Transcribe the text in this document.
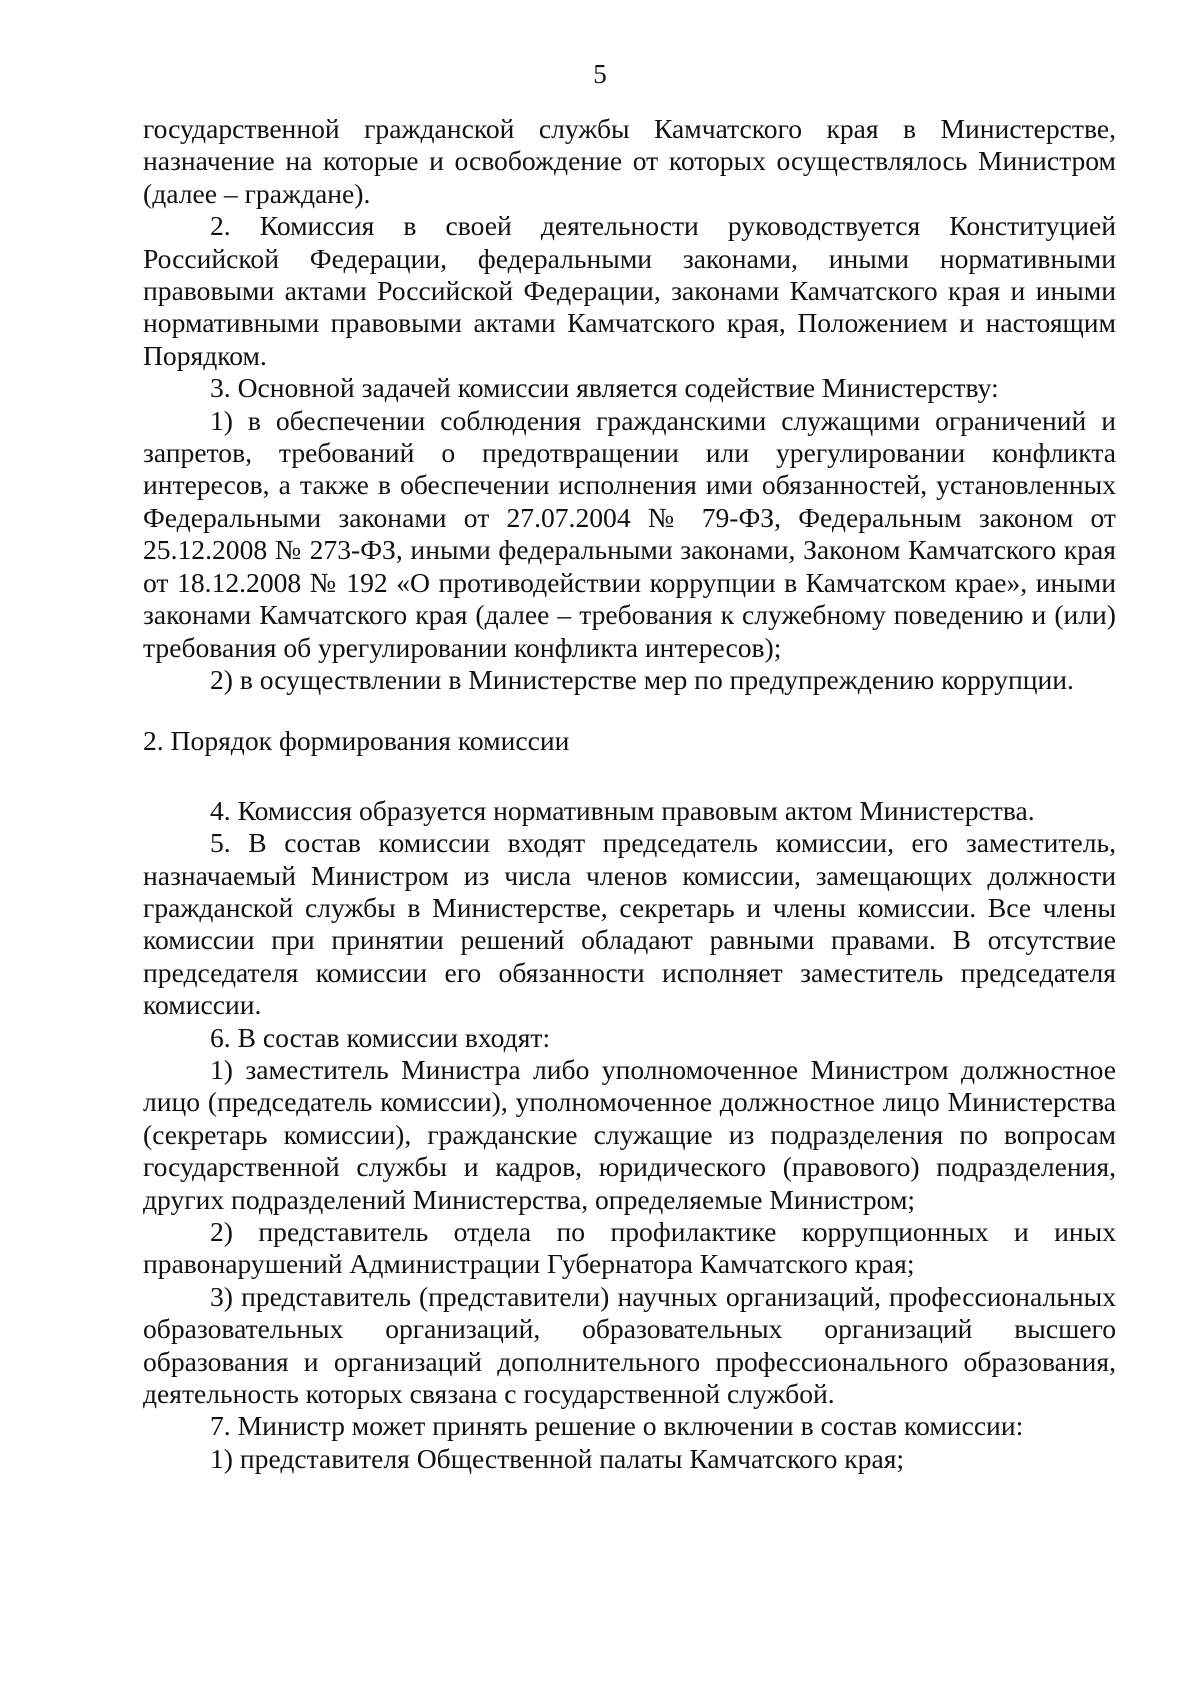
5

государственной гражданской службы Камчатского края в Министерстве, назначение на которые и освобождение от которых осуществлялось Министром (далее – граждане).

2. Комиссия в своей деятельности руководствуется Конституцией Российской Федерации, федеральными законами, иными нормативными правовыми актами Российской Федерации, законами Камчатского края и иными нормативными правовыми актами Камчатского края, Положением и настоящим Порядком.

3. Основной задачей комиссии является содействие Министерству:

1) в обеспечении соблюдения гражданскими служащими ограничений и запретов, требований о предотвращении или урегулировании конфликта интересов, а также в обеспечении исполнения ими обязанностей, установленных Федеральными законами от 27.07.2004 № 79-ФЗ, Федеральным законом от 25.12.2008 № 273-ФЗ, иными федеральными законами, Законом Камчатского края от 18.12.2008 № 192 «О противодействии коррупции в Камчатском крае», иными законами Камчатского края (далее – требования к служебному поведению и (или) требования об урегулировании конфликта интересов);

2) в осуществлении в Министерстве мер по предупреждению коррупции.

2. Порядок формирования комиссии

4. Комиссия образуется нормативным правовым актом Министерства.

5. В состав комиссии входят председатель комиссии, его заместитель, назначаемый Министром из числа членов комиссии, замещающих должности гражданской службы в Министерстве, секретарь и члены комиссии. Все члены комиссии при принятии решений обладают равными правами. В отсутствие председателя комиссии его обязанности исполняет заместитель председателя комиссии.

6. В состав комиссии входят:

1) заместитель Министра либо уполномоченное Министром должностное лицо (председатель комиссии), уполномоченное должностное лицо Министерства (секретарь комиссии), гражданские служащие из подразделения по вопросам государственной службы и кадров, юридического (правового) подразделения, других подразделений Министерства, определяемые Министром;

2) представитель отдела по профилактике коррупционных и иных правонарушений Администрации Губернатора Камчатского края;

3) представитель (представители) научных организаций, профессиональных образовательных организаций, образовательных организаций высшего образования и организаций дополнительного профессионального образования, деятельность которых связана с государственной службой.

7. Министр может принять решение о включении в состав комиссии:

1) представителя Общественной палаты Камчатского края;
